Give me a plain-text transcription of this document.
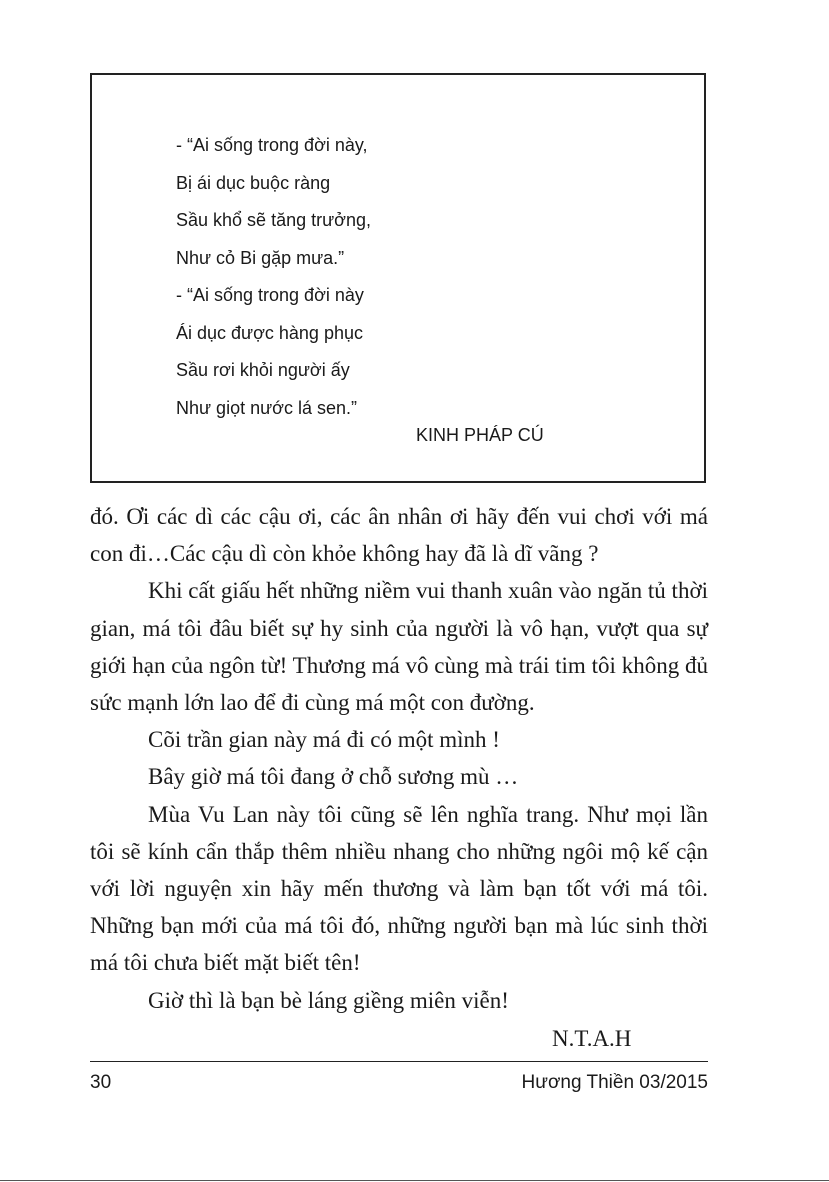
- “Ai sống trong đời này,
Bị ái dục buộc ràng
Sầu khổ sẽ tăng trưởng,
Như cỏ Bi gặp mưa.”
- “Ai sống trong đời này
Ái dục được hàng phục
Sầu rơi khỏi người ấy
Như giọt nước lá sen.”
KINH PHÁP CÚ

đó. Ơi các dì các cậu ơi, các ân nhân ơi hãy đến vui chơi với má con đi…Các cậu dì còn khỏe không hay đã là dĩ vãng ?

Khi cất giấu hết những niềm vui thanh xuân vào ngăn tủ thời gian, má tôi đâu biết sự hy sinh của người là vô hạn, vượt qua sự giới hạn của ngôn từ! Thương má vô cùng mà trái tim tôi không đủ sức mạnh lớn lao để đi cùng má một con đường.

Cõi trần gian này má đi có một mình !

Bây giờ má tôi đang ở chỗ sương mù …

Mùa Vu Lan này tôi cũng sẽ lên nghĩa trang. Như mọi lần tôi sẽ kính cẩn thắp thêm nhiều nhang cho những ngôi mộ kế cận với lời nguyện xin hãy mến thương và làm bạn tốt với má tôi. Những bạn mới của má tôi đó, những người bạn mà lúc sinh thời má tôi chưa biết mặt biết tên!

Giờ thì là bạn bè láng giềng miên viễn!

N.T.A.H
30	Hương Thiền 03/2015
